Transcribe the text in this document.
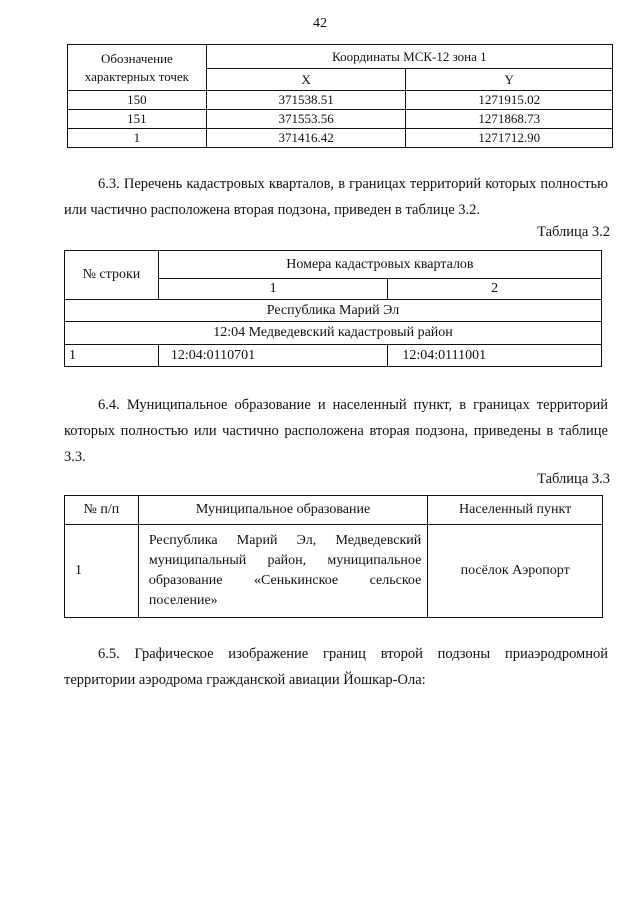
42
Обозначение характерных точек	Координаты МСК-12 зона 1	
	X	Y
150	371538.51	1271915.02
151	371553.56	1271868.73
1	371416.42	1271712.90

6.3. Перечень кадастровых кварталов, в границах территорий которых полностью или частично расположена вторая подзона, приведен в таблице 3.2.

Таблица 3.2
№ строки	Номера кадастровых кварталов	
	1	2
Республика Марий Эл		
12:04 Медведевский кадастровый район		
1	12:04:0110701	12:04:0111001

6.4. Муниципальное образование и населенный пункт, в границах территорий которых полностью или частично расположена вторая подзона, приведены в таблице 3.3.

Таблица 3.3
№ п/п	Муниципальное образование	Населенный пункт
1	Республика Марий Эл, Медведевский муниципальный район, муниципальное образование «Сенькинское сельское поселение»	посёлок Аэропорт

6.5. Графическое изображение границ второй подзоны приаэродромной территории аэродрома гражданской авиации Йошкар-Ола:
